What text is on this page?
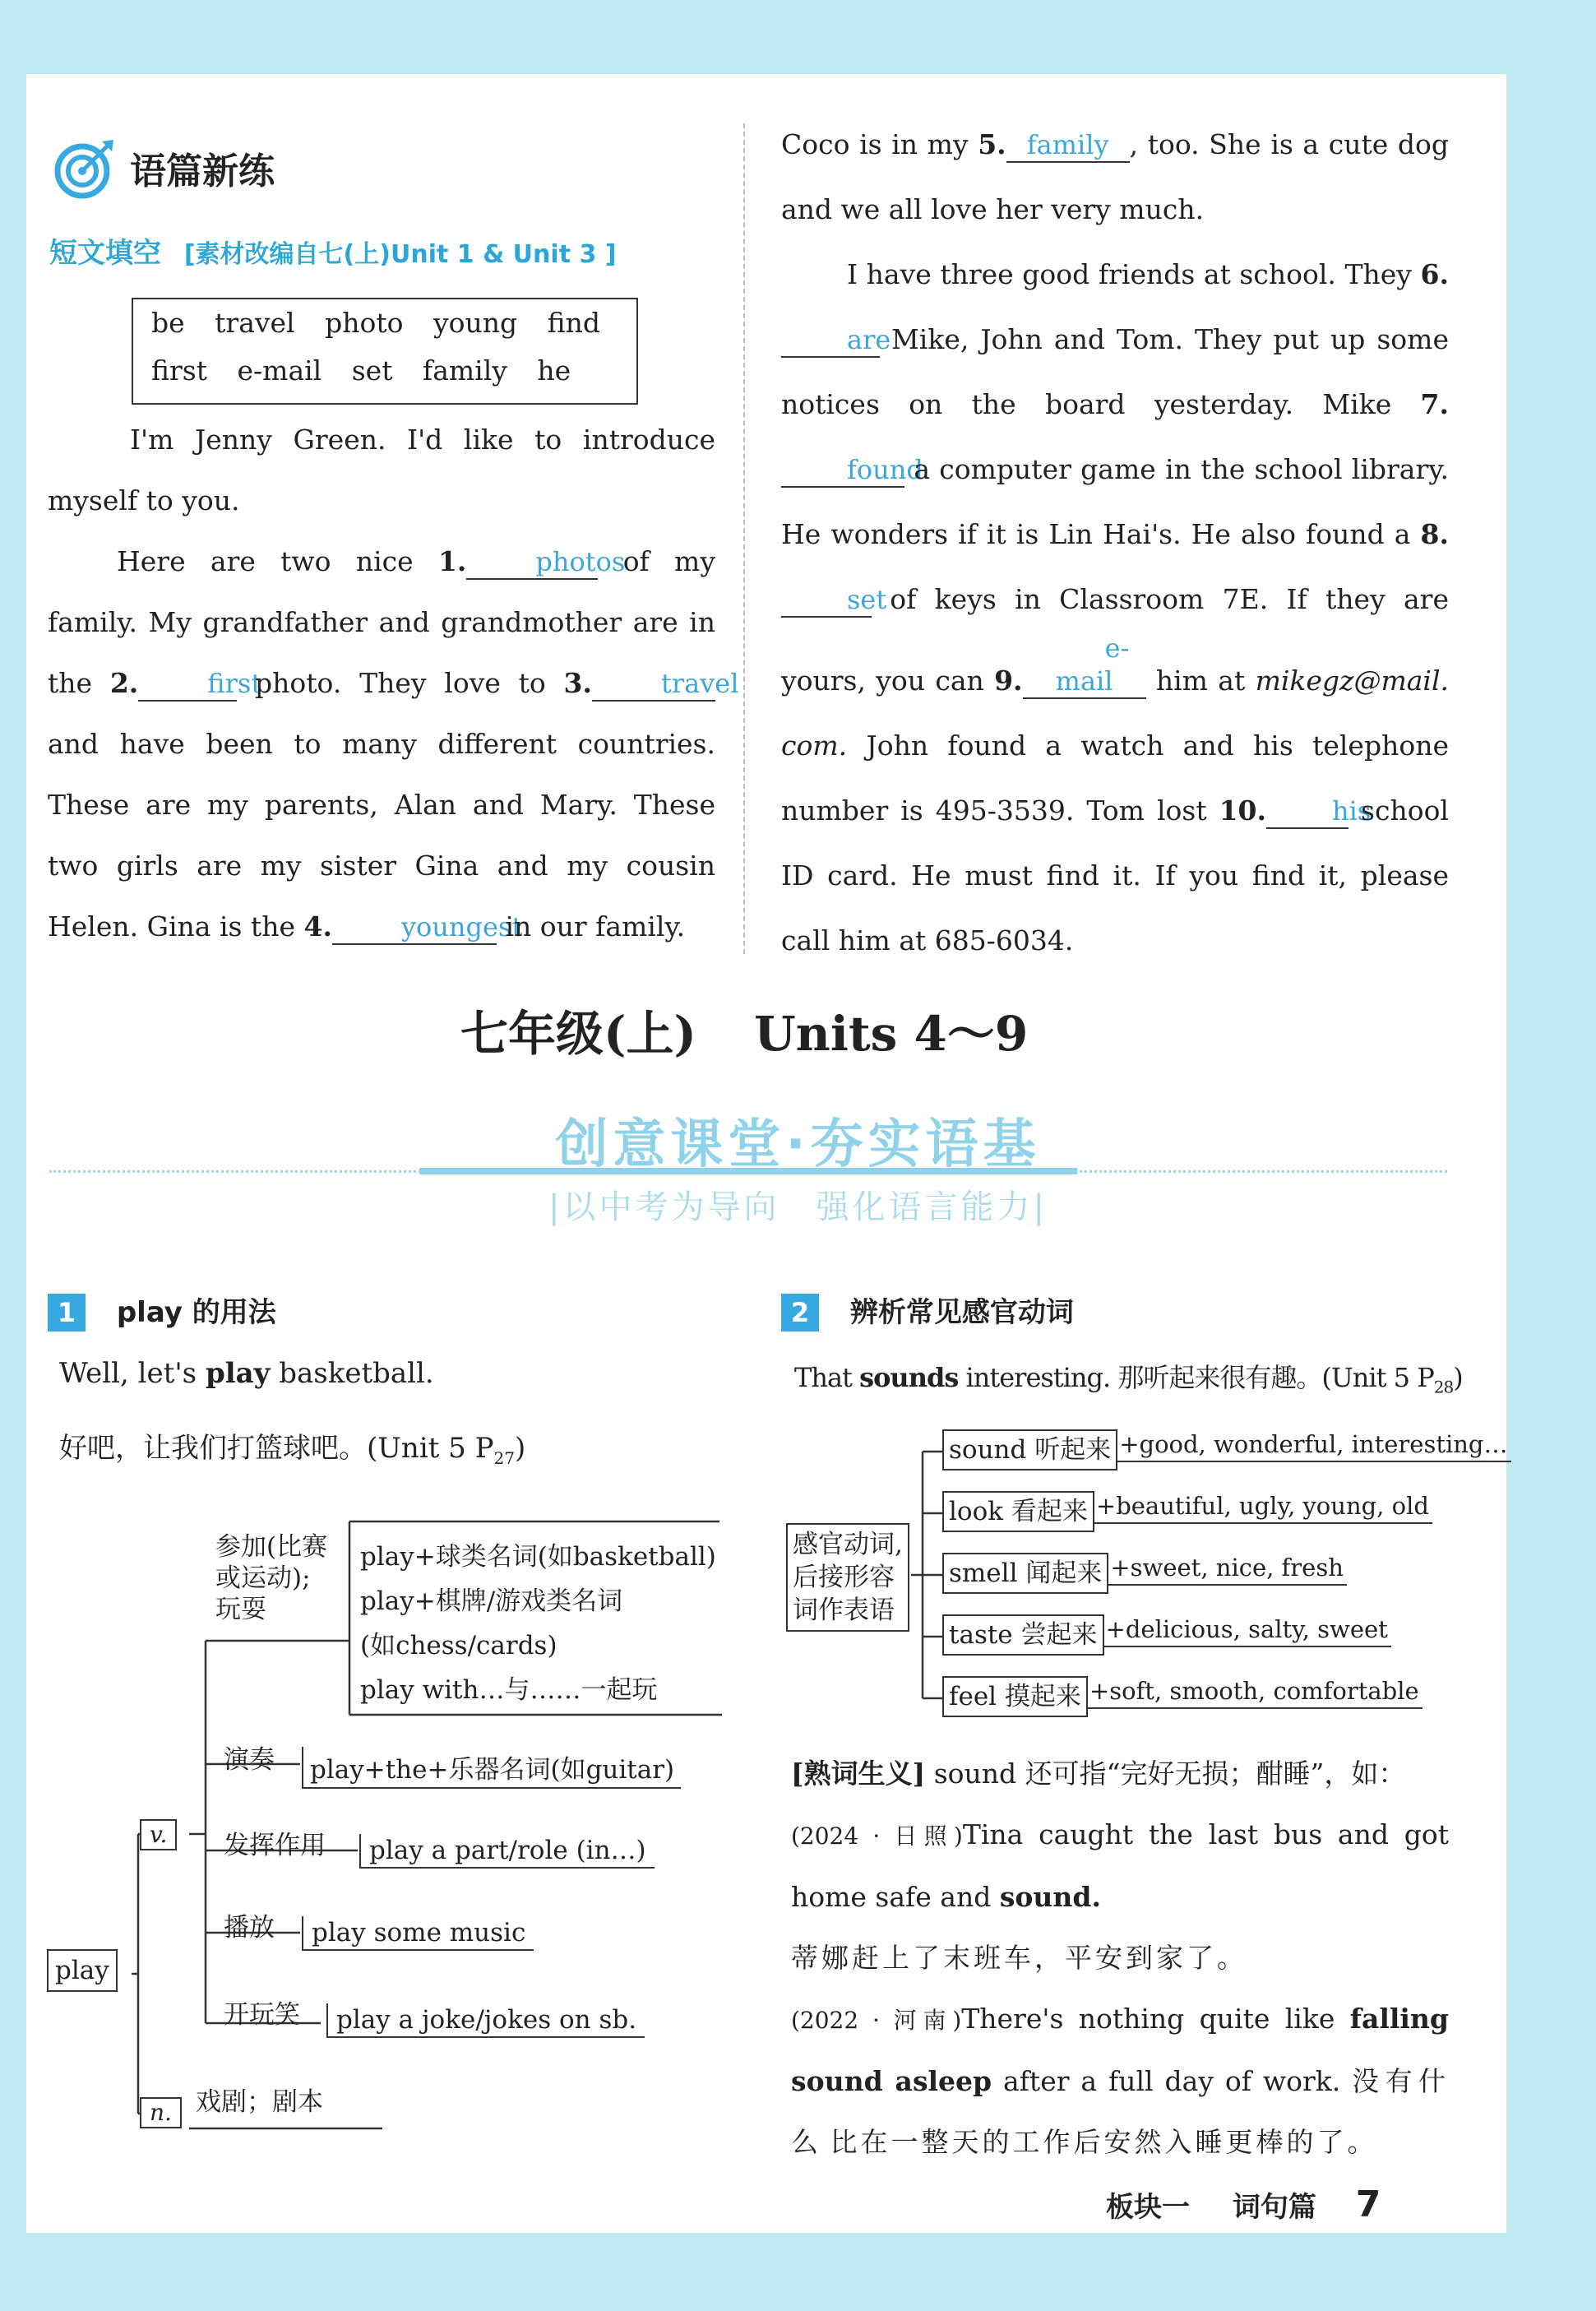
语篇新练
短文填空 [素材改编自七(上)Unit 1 & Unit 3 ]
be travel photo young find
first e-mail set family he

I'm Jenny Green. I'd like to introduce myself to you.

Here are two nice 1.	photos of my family. My grandfather and grandmother are in the 2.	first photo. They love to 3.	travel and have been to many different countries. These are my parents, Alan and Mary. These two girls are my sister Gina and my cousin Helen. Gina is the 4.	youngest in our family.

Coco is in my 5. family , too. She is a cute dog and we all love her very much.

I have three good friends at school. They 6.are Mike, John and Tom. They put up some notices on the board yesterday. Mike 7.found a computer game in the school library. He wonders if it is Lin Hai's. He also found a 8.set of keys in Classroom 7E. If they are yours, you can 9.e-mail him at mikegz@mail. com. John found a watch and his telephone number is 495-3539. Tom lost 10.	his school ID card. He must find it. If you find it, please call him at 685-6034.

七年级(上) Units 4～9
创意课堂·夯实语基
|以中考为导向　强化语言能力|
1 play 的用法
Well, let's play basketball.
好吧，让我们打篮球吧。(Unit 5 $P_{27}$)
play
v.
n. 戏剧；剧本
参加(比赛
或运动);
玩耍
play+球类名词(如basketball)
play+棋牌/游戏类名词
(如chess/cards)
play with…与……一起玩
演奏	play+the+乐器名词(如guitar)
发挥作用	play a part/role (in…)
播放	play some music
开玩笑	play a joke/jokes on sb.
2 辨析常见感官动词
That sounds interesting. 那听起来很有趣。(Unit 5 $P_{28}$)
感官动词,
后接形容
词作表语
sound 听起来 +good, wonderful, interesting…
look 看起来 +beautiful, ugly, young, old
smell 闻起来 +sweet, nice, fresh
taste 尝起来 +delicious, salty, sweet
feel 摸起来 +soft, smooth, comfortable
[熟词生义] sound 还可指“完好无损；酣睡”，如：
(2024 · 日照)Tina caught the last bus and got home safe and sound.
蒂娜赶上了末班车，平安到家了。
(2022 · 河南)There's nothing quite like falling sound asleep after a full day of work. 没有什么 比在一整天的工作后安然入睡更棒的了。
板块一 词句篇 7
